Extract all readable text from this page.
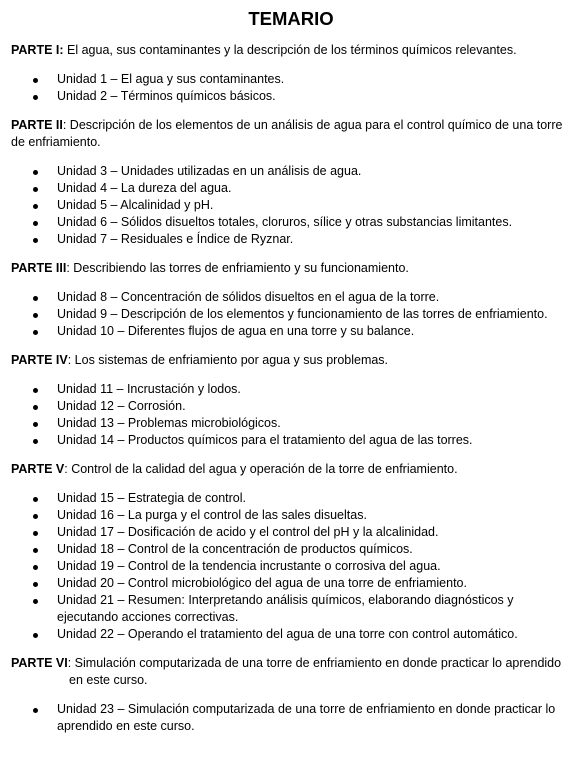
TEMARIO

PARTE I: El agua, sus contaminantes y la descripción de los términos químicos relevantes.

Unidad 1 – El agua y sus contaminantes.
Unidad 2 – Términos químicos básicos.

PARTE II: Descripción de los elementos de un análisis de agua para el control químico de una torre de enfriamiento.

Unidad 3 – Unidades utilizadas en un análisis de agua.
Unidad 4 – La dureza del agua.
Unidad 5 – Alcalinidad y pH.
Unidad 6 – Sólidos disueltos totales, cloruros, sílice y otras substancias limitantes.
Unidad 7 – Residuales e Índice de Ryznar.

PARTE III: Describiendo las torres de enfriamiento y su funcionamiento.

Unidad 8 – Concentración de sólidos disueltos en el agua de la torre.
Unidad 9 – Descripción de los elementos y funcionamiento de las torres de enfriamiento.
Unidad 10 – Diferentes flujos de agua en una torre y su balance.

PARTE IV: Los sistemas de enfriamiento por agua y sus problemas.

Unidad 11 – Incrustación y lodos.
Unidad 12 – Corrosión.
Unidad 13 – Problemas microbiológicos.
Unidad 14 – Productos químicos para el tratamiento del agua de las torres.

PARTE V: Control de la calidad del agua y operación de la torre de enfriamiento.

Unidad 15 – Estrategia de control.
Unidad 16 – La purga y el control de las sales disueltas.
Unidad 17 – Dosificación de acido y el control del pH y la alcalinidad.
Unidad 18 – Control de la concentración de productos químicos.
Unidad 19 – Control de la tendencia incrustante o corrosiva del agua.
Unidad 20 – Control microbiológico del agua de una torre de enfriamiento.
Unidad 21 – Resumen: Interpretando análisis químicos, elaborando diagnósticos y ejecutando acciones correctivas.
Unidad 22 – Operando el tratamiento del agua de una torre con control automático.

PARTE VI: Simulación computarizada de una torre de enfriamiento en donde practicar lo aprendido en este curso.

Unidad 23 – Simulación computarizada de una torre de enfriamiento en donde practicar lo aprendido en este curso.
